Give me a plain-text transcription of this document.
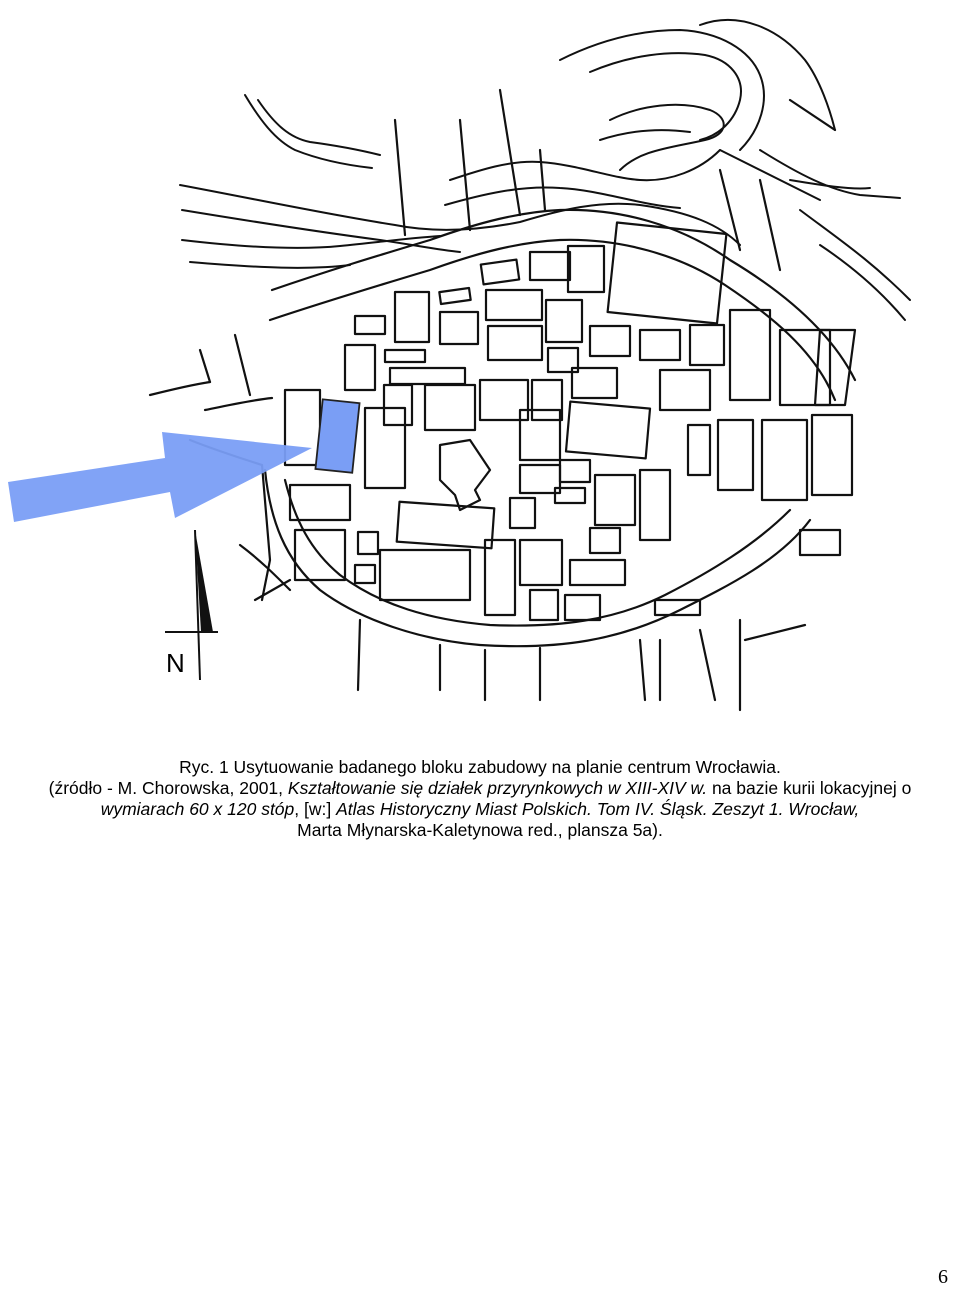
N
Ryc. 1 Usytuowanie badanego bloku zabudowy na planie centrum Wrocławia.
(źródło - M. Chorowska, 2001, Kształtowanie się działek przyrynkowych w XIII-XIV w. na bazie kurii lokacyjnej o
wymiarach 60 x 120 stóp, [w:] Atlas Historyczny Miast Polskich. Tom IV. Śląsk. Zeszyt 1. Wrocław,
Marta Młynarska-Kaletynowa red., plansza 5a).
6
